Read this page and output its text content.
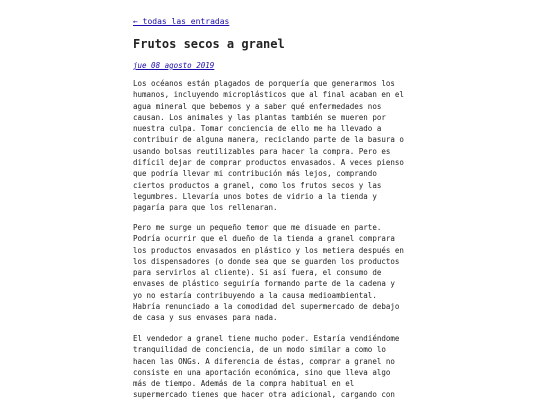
← todas las entradas
Frutos secos a granel
jue 08 agosto 2019
Los océanos están plagados de porquería que generarmos los
humanos, incluyendo microplásticos que al final acaban en el
agua mineral que bebemos y a saber qué enfermedades nos
causan. Los animales y las plantas también se mueren por
nuestra culpa. Tomar conciencia de ello me ha llevado a
contribuir de alguna manera, reciclando parte de la basura o
usando bolsas reutilizables para hacer la compra. Pero es
difícil dejar de comprar productos envasados. A veces pienso
que podría llevar mi contribución más lejos, comprando
ciertos productos a granel, como los frutos secos y las
legumbres. Llevaría unos botes de vidrio a la tienda y
pagaría para que los rellenaran.
Pero me surge un pequeño temor que me disuade en parte.
Podría ocurrir que el dueño de la tienda a granel comprara
los productos envasados en plástico y los metiera después en
los dispensadores (o donde sea que se guarden los productos
para servirlos al cliente). Si así fuera, el consumo de
envases de plástico seguiría formando parte de la cadena y
yo no estaría contribuyendo a la causa medioambiental.
Habría renunciado a la comodidad del supermercado de debajo
de casa y sus envases para nada.
El vendedor a granel tiene mucho poder. Estaría vendiéndome
tranquilidad de conciencia, de un modo similar a como lo
hacen las ONGs. A diferencia de éstas, comprar a granel no
consiste en una aportación económica, sino que lleva algo
más de tiempo. Además de la compra habitual en el
supermercado tienes que hacer otra adicional, cargando con
